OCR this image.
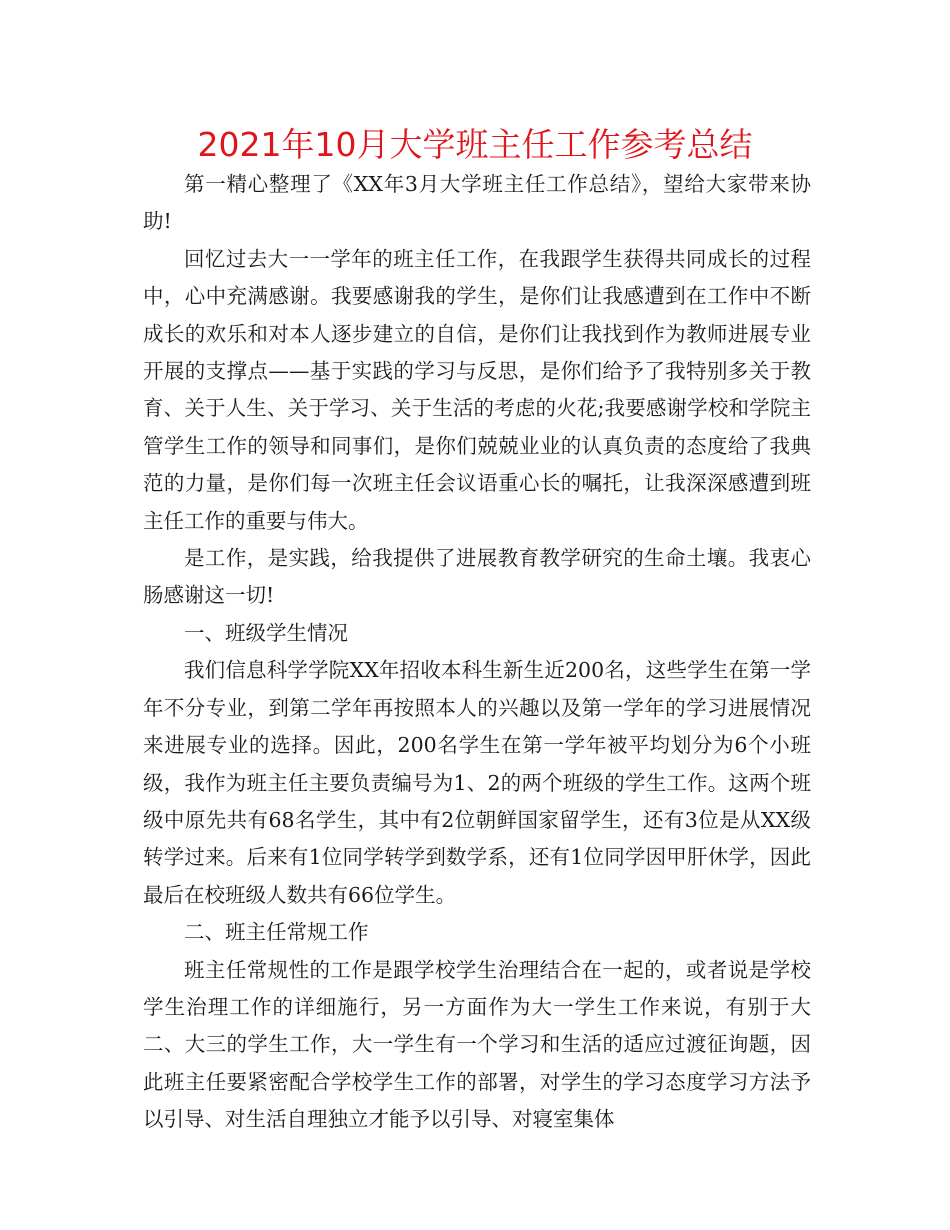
2021年10月大学班主任工作参考总结

第一精心整理了《XX年3月大学班主任工作总结》，望给大家带来协助!

回忆过去大一一学年的班主任工作，在我跟学生获得共同成长的过程中，心中充满感谢。我要感谢我的学生，是你们让我感遭到在工作中不断成长的欢乐和对本人逐步建立的自信，是你们让我找到作为教师进展专业开展的支撑点——基于实践的学习与反思，是你们给予了我特别多关于教育、关于人生、关于学习、关于生活的考虑的火花;我要感谢学校和学院主管学生工作的领导和同事们，是你们兢兢业业的认真负责的态度给了我典范的力量，是你们每一次班主任会议语重心长的嘱托，让我深深感遭到班主任工作的重要与伟大。

是工作，是实践，给我提供了进展教育教学研究的生命土壤。我衷心肠感谢这一切!

一、班级学生情况

我们信息科学学院XX年招收本科生新生近200名，这些学生在第一学年不分专业，到第二学年再按照本人的兴趣以及第一学年的学习进展情况来进展专业的选择。因此，200名学生在第一学年被平均划分为6个小班级，我作为班主任主要负责编号为1、2的两个班级的学生工作。这两个班级中原先共有68名学生，其中有2位朝鲜国家留学生，还有3位是从XX级转学过来。后来有1位同学转学到数学系，还有1位同学因甲肝休学，因此最后在校班级人数共有66位学生。

二、班主任常规工作

班主任常规性的工作是跟学校学生治理结合在一起的，或者说是学校学生治理工作的详细施行，另一方面作为大一学生工作来说，有别于大二、大三的学生工作，大一学生有一个学习和生活的适应过渡征询题，因此班主任要紧密配合学校学生工作的部署，对学生的学习态度学习方法予以引导、对生活自理独立才能予以引导、对寝室集体
